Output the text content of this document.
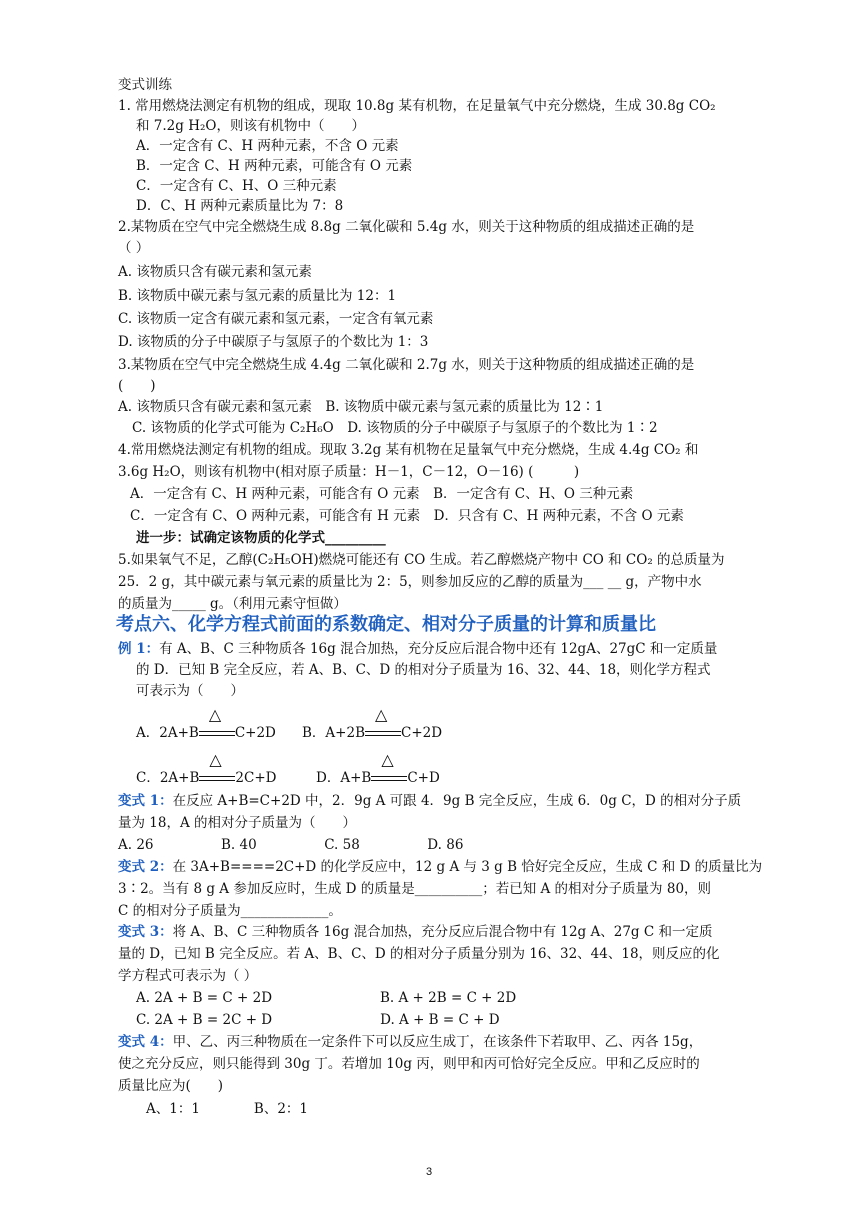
变式训练
1. 常用燃烧法测定有机物的组成，现取 10.8g 某有机物，在足量氧气中充分燃烧，生成 30.8g CO₂
和 7.2g H₂O，则该有机物中（　　）
A．一定含有 C、H 两种元素，不含 O 元素
B．一定含 C、H 两种元素，可能含有 O 元素
C．一定含有 C、H、O 三种元素
D．C、H 两种元素质量比为 7：8
2.某物质在空气中完全燃烧生成 8.8g 二氧化碳和 5.4g 水，则关于这种物质的组成描述正确的是
（ ）
A. 该物质只含有碳元素和氢元素
B. 该物质中碳元素与氢元素的质量比为 12：1
C. 该物质一定含有碳元素和氢元素，一定含有氧元素
D. 该物质的分子中碳原子与氢原子的个数比为 1：3
3.某物质在空气中完全燃烧生成 4.4g 二氧化碳和 2.7g 水，则关于这种物质的组成描述正确的是
(　　)
A. 该物质只含有碳元素和氢元素　B. 该物质中碳元素与氢元素的质量比为 12∶1
C. 该物质的化学式可能为 C₂H₆O　D. 该物质的分子中碳原子与氢原子的个数比为 1∶2
4.常用燃烧法测定有机物的组成。现取 3.2g 某有机物在足量氧气中充分燃烧，生成 4.4g CO₂ 和
3.6g H₂O，则该有机物中(相对原子质量：H－1，C－12，O－16) (　　　)
A．一定含有 C、H 两种元素，可能含有 O 元素　B．一定含有 C、H、O 三种元素
C．一定含有 C、O 两种元素，可能含有 H 元素　D．只含有 C、H 两种元素，不含 O 元素
进一步：试确定该物质的化学式_________
5.如果氧气不足，乙醇(C₂H₅OH)燃烧可能还有 CO 生成。若乙醇燃烧产物中 CO 和 CO₂ 的总质量为
25．2 g，其中碳元素与氧元素的质量比为 2：5，则参加反应的乙醇的质量为___ __ g，产物中水
的质量为_____ g。（利用元素守恒做）
考点六、化学方程式前面的系数确定、相对分子质量的计算和质量比
例 1：有 A、B、C 三种物质各 16g 混合加热，充分反应后混合物中还有 12gA、27gC 和一定质量
的 D．已知 B 完全反应，若 A、B、C、D 的相对分子质量为 16、32、44、18，则化学方程式
可表示为（　　）
A．2A+B
△
C+2D B．A+2B
△
C+2D
C．2A+B
△
2C+D	D．A+B
△
C+D
变式 1：在反应 A+B=C+2D 中，2．9g A 可跟 4．9g B 完全反应，生成 6．0g C，D 的相对分子质
量为 18，A 的相对分子质量为（　　）
A. 26　　　　　B. 40　　　　　C. 58　　　　　D. 86
变式 2：在 3A+B====2C+D 的化学反应中，12 g A 与 3 g B 恰好完全反应，生成 C 和 D 的质量比为
3∶2。当有 8 g A 参加反应时，生成 D 的质量是__________；若已知 A 的相对分子质量为 80，则
C 的相对分子质量为_____________。
变式 3：将 A、B、C 三种物质各 16g 混合加热，充分反应后混合物中有 12g A、27g C 和一定质
量的 D，已知 B 完全反应。若 A、B、C、D 的相对分子质量分别为 16、32、44、18，则反应的化
学方程式可表示为（ ）
A. 2A + B = C + 2D　　　　　　　　B. A + 2B = C + 2D
C. 2A + B = 2C + D　　　　　　　　D. A + B = C + D
变式 4：甲、乙、丙三种物质在一定条件下可以反应生成丁，在该条件下若取甲、乙、丙各 15g，
使之充分反应，则只能得到 30g 丁。若增加 10g 丙，则甲和丙可恰好完全反应。甲和乙反应时的
质量比应为(　　)
A、1：1　　　　B、2：1
3
